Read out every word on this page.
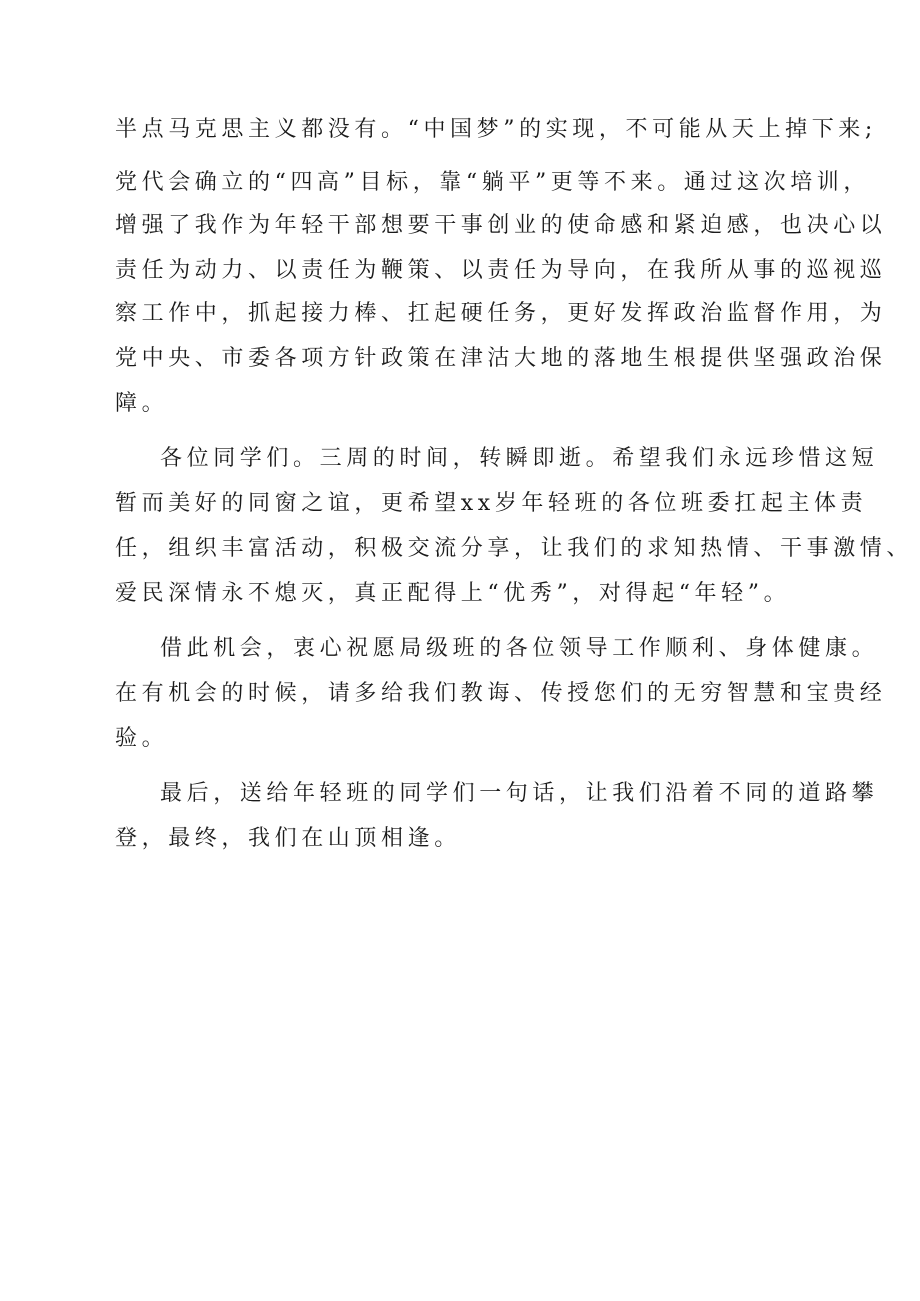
半点马克思主义都没有。“中国梦”的实现，不可能从天上掉下来;
党代会确立的“四高”目标，靠“躺平”更等不来。通过这次培训，
增强了我作为年轻干部想要干事创业的使命感和紧迫感，也决心以
责任为动力、以责任为鞭策、以责任为导向，在我所从事的巡视巡
察工作中，抓起接力棒、扛起硬任务，更好发挥政治监督作用，为
党中央、市委各项方针政策在津沽大地的落地生根提供坚强政治保
障。
各位同学们。三周的时间，转瞬即逝。希望我们永远珍惜这短
暂而美好的同窗之谊，更希望xx岁年轻班的各位班委扛起主体责
任，组织丰富活动，积极交流分享，让我们的求知热情、干事激情、
爱民深情永不熄灭，真正配得上“优秀”，对得起“年轻”。
借此机会，衷心祝愿局级班的各位领导工作顺利、身体健康。
在有机会的时候，请多给我们教诲、传授您们的无穷智慧和宝贵经
验。
最后，送给年轻班的同学们一句话，让我们沿着不同的道路攀
登，最终，我们在山顶相逢。
